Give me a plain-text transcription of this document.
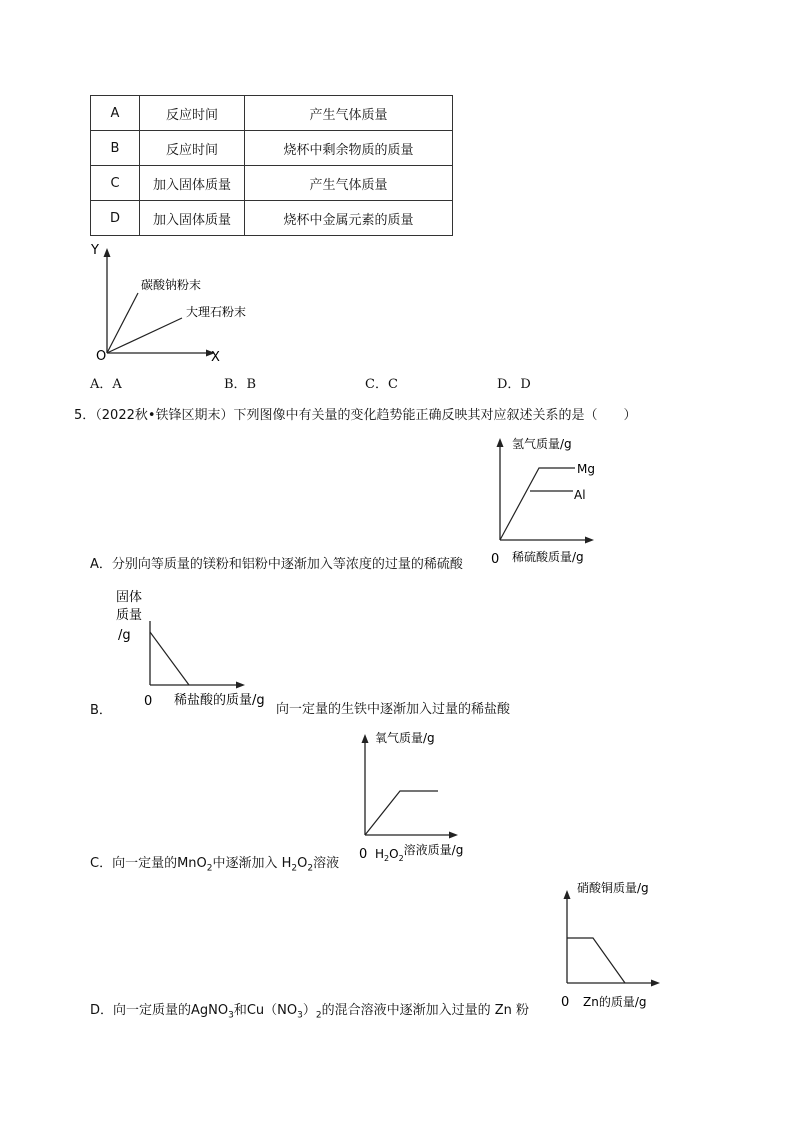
A	反应时间	产生气体质量
B	反应时间	烧杯中剩余物质的质量
C	加入固体质量	产生气体质量
D	加入固体质量	烧杯中金属元素的质量
Y
X
O
碳酸钠粉末
大理石粉末
A．A	B．B	C．C	D．D
5．（2022秋•铁锋区期末）下列图像中有关量的变化趋势能正确反映其对应叙述关系的是（　　）
氢气质量/g
稀硫酸质量/g
0
Mg
Al
A．分别向等质量的镁粉和铝粉中逐渐加入等浓度的过量的稀硫酸
固体
质量
/g
稀盐酸的质量/g
0
B．	向一定量的生铁中逐渐加入过量的稀盐酸
氧气质量/g
0 $H_2O_2$溶液质量/g
C．向一定量的MnO$_2$中逐渐加入 $H_2O_2$溶液
硝酸铜质量/g
Zn的质量/g
0
D．向一定质量的AgNO$_3$和$Cu(NO_3)_2$的混合溶液中逐渐加入过量的 Zn 粉
